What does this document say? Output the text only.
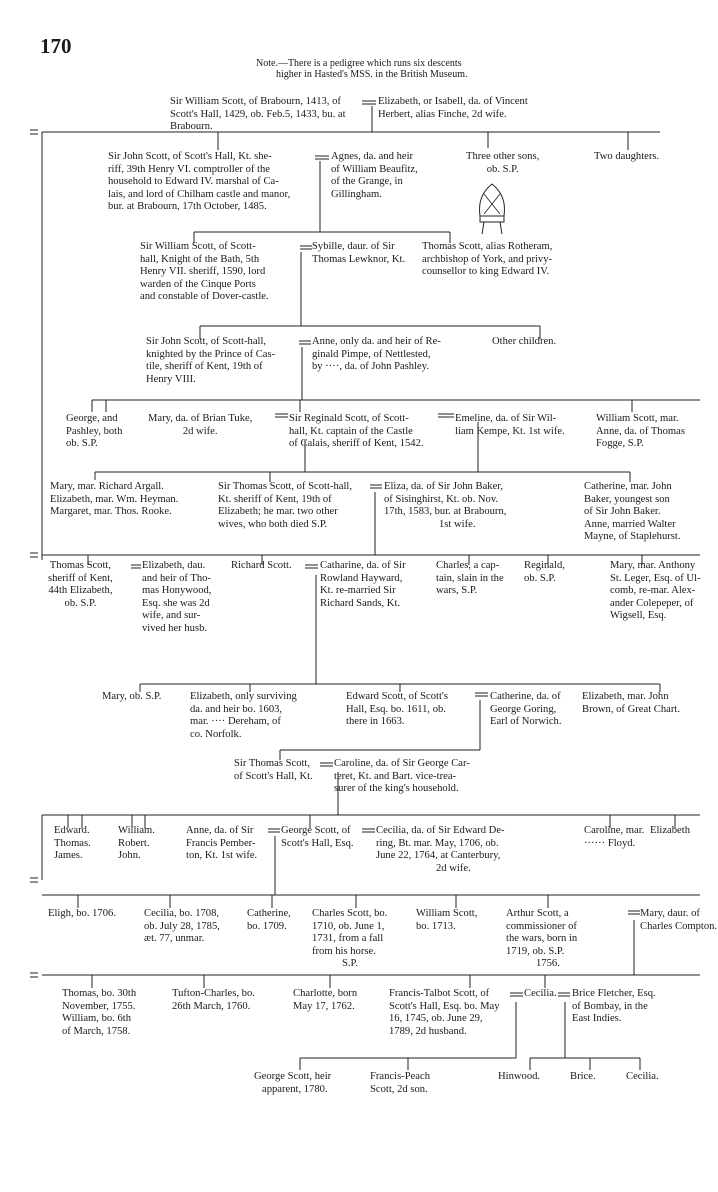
170
Note.—There is a pedigree which runs six descents
higher in Hasted's MSS. in the British Museum.
Sir William Scott, of Brabourn, 1413, of
Scott's Hall, 1429, ob. Feb.5, 1433, bu. at
Brabourn.
Elizabeth, or Isabell, da. of Vincent
Herbert, alias Finche, 2d wife.
Sir John Scott, of Scott's Hall, Kt. she-
riff, 39th Henry VI. comptroller of the
household to Edward IV. marshal of Ca-
lais, and lord of Chilham castle and manor,
bur. at Brabourn, 17th October, 1485.
Agnes, da. and heir
of William Beaufitz,
of the Grange, in
Gillingham.
Three other sons,
ob. S.P.
Two daughters.
Sir William Scott, of Scott-
hall, Knight of the Bath, 5th
Henry VII. sheriff, 1590, lord
warden of the Cinque Ports
and constable of Dover-castle.
Sybille, daur. of Sir
Thomas Lewknor, Kt.
Thomas Scott, alias Rotheram,
archbishop of York, and privy-
counsellor to king Edward IV.
Sir John Scott, of Scott-hall,
knighted by the Prince of Cas-
tile, sheriff of Kent, 19th of
Henry VIII.
Anne, only da. and heir of Re-
ginald Pimpe, of Nettlested,
by ····, da. of John Pashley.
Other children.
George, and
Pashley, both
ob. S.P.
Mary, da. of Brian Tuke,
2d wife.
Sir Reginald Scott, of Scott-
hall, Kt. captain of the Castle
of Calais, sheriff of Kent, 1542.
Emeline, da. of Sir Wil-
liam Kempe, Kt. 1st wife.
William Scott, mar.
Anne, da. of Thomas
Fogge, S.P.
Mary, mar. Richard Argall.
Elizabeth, mar. Wm. Heyman.
Margaret, mar. Thos. Rooke.
Sir Thomas Scott, of Scott-hall,
Kt. sheriff of Kent, 19th of
Elizabeth; he mar. two other
wives, who both died S.P.
Eliza, da. of Sir John Baker,
of Sisinghirst, Kt. ob. Nov.
17th, 1583, bur. at Brabourn,
1st wife.
Catherine, mar. John
Baker, youngest son
of Sir John Baker.
Anne, married Walter
Mayne, of Staplehurst.
Thomas Scott,
sheriff of Kent,
44th Elizabeth,
ob. S.P.
Elizabeth, dau.
and heir of Tho-
mas Honywood,
Esq. she was 2d
wife, and sur-
vived her husb.
Richard Scott.	Catharine, da. of Sir
Rowland Hayward,
Kt. re-married Sir
Richard Sands, Kt.
Charles, a cap-
tain, slain in the
wars, S.P.
Reginald,
ob. S.P.
Mary, mar. Anthony
St. Leger, Esq. of Ul-
comb, re-mar. Alex-
ander Colepeper, of
Wigsell, Esq.
Mary, ob. S.P.	Elizabeth, only surviving
da. and heir bo. 1603,
mar. ···· Dereham, of
co. Norfolk.
Edward Scott, of Scott's
Hall, Esq. bo. 1611, ob.
there in 1663.
Catherine, da. of
George Goring,
Earl of Norwich.
Elizabeth, mar. John
Brown, of Great Chart.
Sir Thomas Scott,
of Scott's Hall, Kt.
Caroline, da. of Sir George Car-
teret, Kt. and Bart. vice-trea-
surer of the king's household.
Edward.
Thomas.
James.
William.
Robert.
John.
Anne, da. of Sir
Francis Pember-
ton, Kt. 1st wife.
George Scott, of
Scott's Hall, Esq.
Cecilia, da. of Sir Edward De-
ring, Bt. mar. May, 1706, ob.
June 22, 1764, at Canterbury,
2d wife.
Caroline, mar.
······ Floyd.
Elizabeth
Eligh, bo. 1706.	Cecilia, bo. 1708,
ob. July 28, 1785,
æt. 77, unmar.
Catherine,
bo. 1709.
Charles Scott, bo.
1710, ob. June 1,
1731, from a fall
from his horse.
S.P.
William Scott,
bo. 1713.
Arthur Scott, a
commissioner of
the wars, born in
1719, ob. S.P.
1756.
Mary, daur. of
Charles Compton.
Thomas, bo. 30th
November, 1755.
William, bo. 6th
of March, 1758.
Tufton-Charles, bo.
26th March, 1760.
Charlotte, born
May 17, 1762.
Francis-Talbot Scott, of
Scott's Hall, Esq. bo. May
16, 1745, ob. June 29,
1789, 2d husband.
Cecilia. Brice Fletcher, Esq.
of Bombay, in the
East Indies.
George Scott, heir
apparent, 1780.
Francis-Peach
Scott, 2d son.
Hinwood.	Brice.	Cecilia.
